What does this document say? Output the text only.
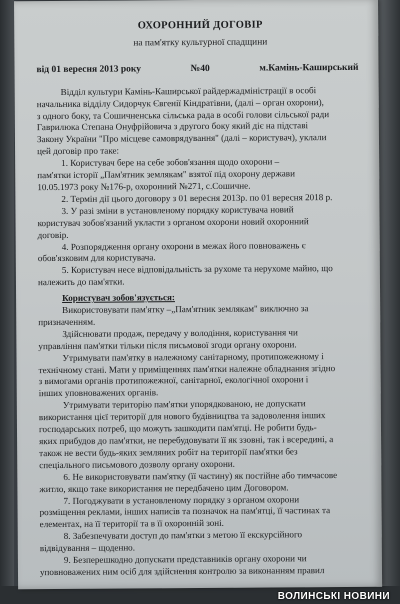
ОХОРОННИЙ ДОГОВІР
на пам'ятку культурної спадщини
від 01 вересня 2013 року	№40	м.Камінь-Каширський

Відділ культури Камінь-Каширської райдержадміністрації в особі

начальника відділу Сидорчук Євгенії Кіндратівни, (далі – орган охорони),

з одного боку, та Сошичненська сільська рада в особі голови сільської ради

Гаврилюка Степана Онуфрійовича з другого боку який діє на підставі

Закону України "Про місцеве самоврядування" (далі – користувач), уклали

цей договір про таке:

1. Користувач бере на себе зобов'язання щодо охорони –

пам'ятки історії „Пам'ятник землякам" взятої під охорону держави

10.05.1973 року №176-р, охоронний №271, с.Сошичне.

2. Термін дії цього договору з 01 вересня 2013р. по 01 вересня 2018 р.

3. У разі зміни в установленому порядку користувача новий

користувач зобов'язаний укласти з органом охорони новий охоронний

договір.

4. Розпорядження органу охорони в межах його повноважень є

обов'язковим для користувача.

5. Користувач несе відповідальність за рухоме та нерухоме майно, що

належить до пам'ятки.

Користувач зобов'язується:

Використовувати пам'ятку –„Пам'ятник землякам" виключно за

призначенням.

Здійснювати продаж, передачу у володіння, користування чи

управління пам'ятки тільки після письмової згоди органу охорони.

Утримувати пам'ятку в належному санітарному, протипожежному і

технічному стані. Мати у приміщеннях пам'ятки належне обладнання згідно

з вимогами органів протипожежної, санітарної, екологічної охорони і

інших уповноважених органів.

Утримувати територію пам'ятки упорядкованою, не допускати

використання цієї території для нового будівництва та задоволення інших

господарських потреб, що можуть зашкодити пам'ятці. Не робити будь-

яких прибудов до пам'ятки, не перебудовувати її як ззовні, так і всередині, а

також не вести будь-яких земляних робіт на території пам'ятки без

спеціального письмового дозволу органу охорони.

6. Не використовувати пам'ятку (її частину) як постійне або тимчасове

житло, якщо таке використання не передбачено цим Договором.

7. Погоджувати в установленому порядку з органом охорони

розміщення реклами, інших написів та позначок на пам'ятці, її частинах та

елементах, на її території та в її охоронній зоні.

8. Забезпечувати доступ до пам'ятки з метою її екскурсійного

відвідування – щоденно.

9. Безперешкодно допускати представників органу охорони чи

уповноважених ним осіб для здійснення контролю за виконанням правил

ВОЛИНСЬКІ НОВИНИ
